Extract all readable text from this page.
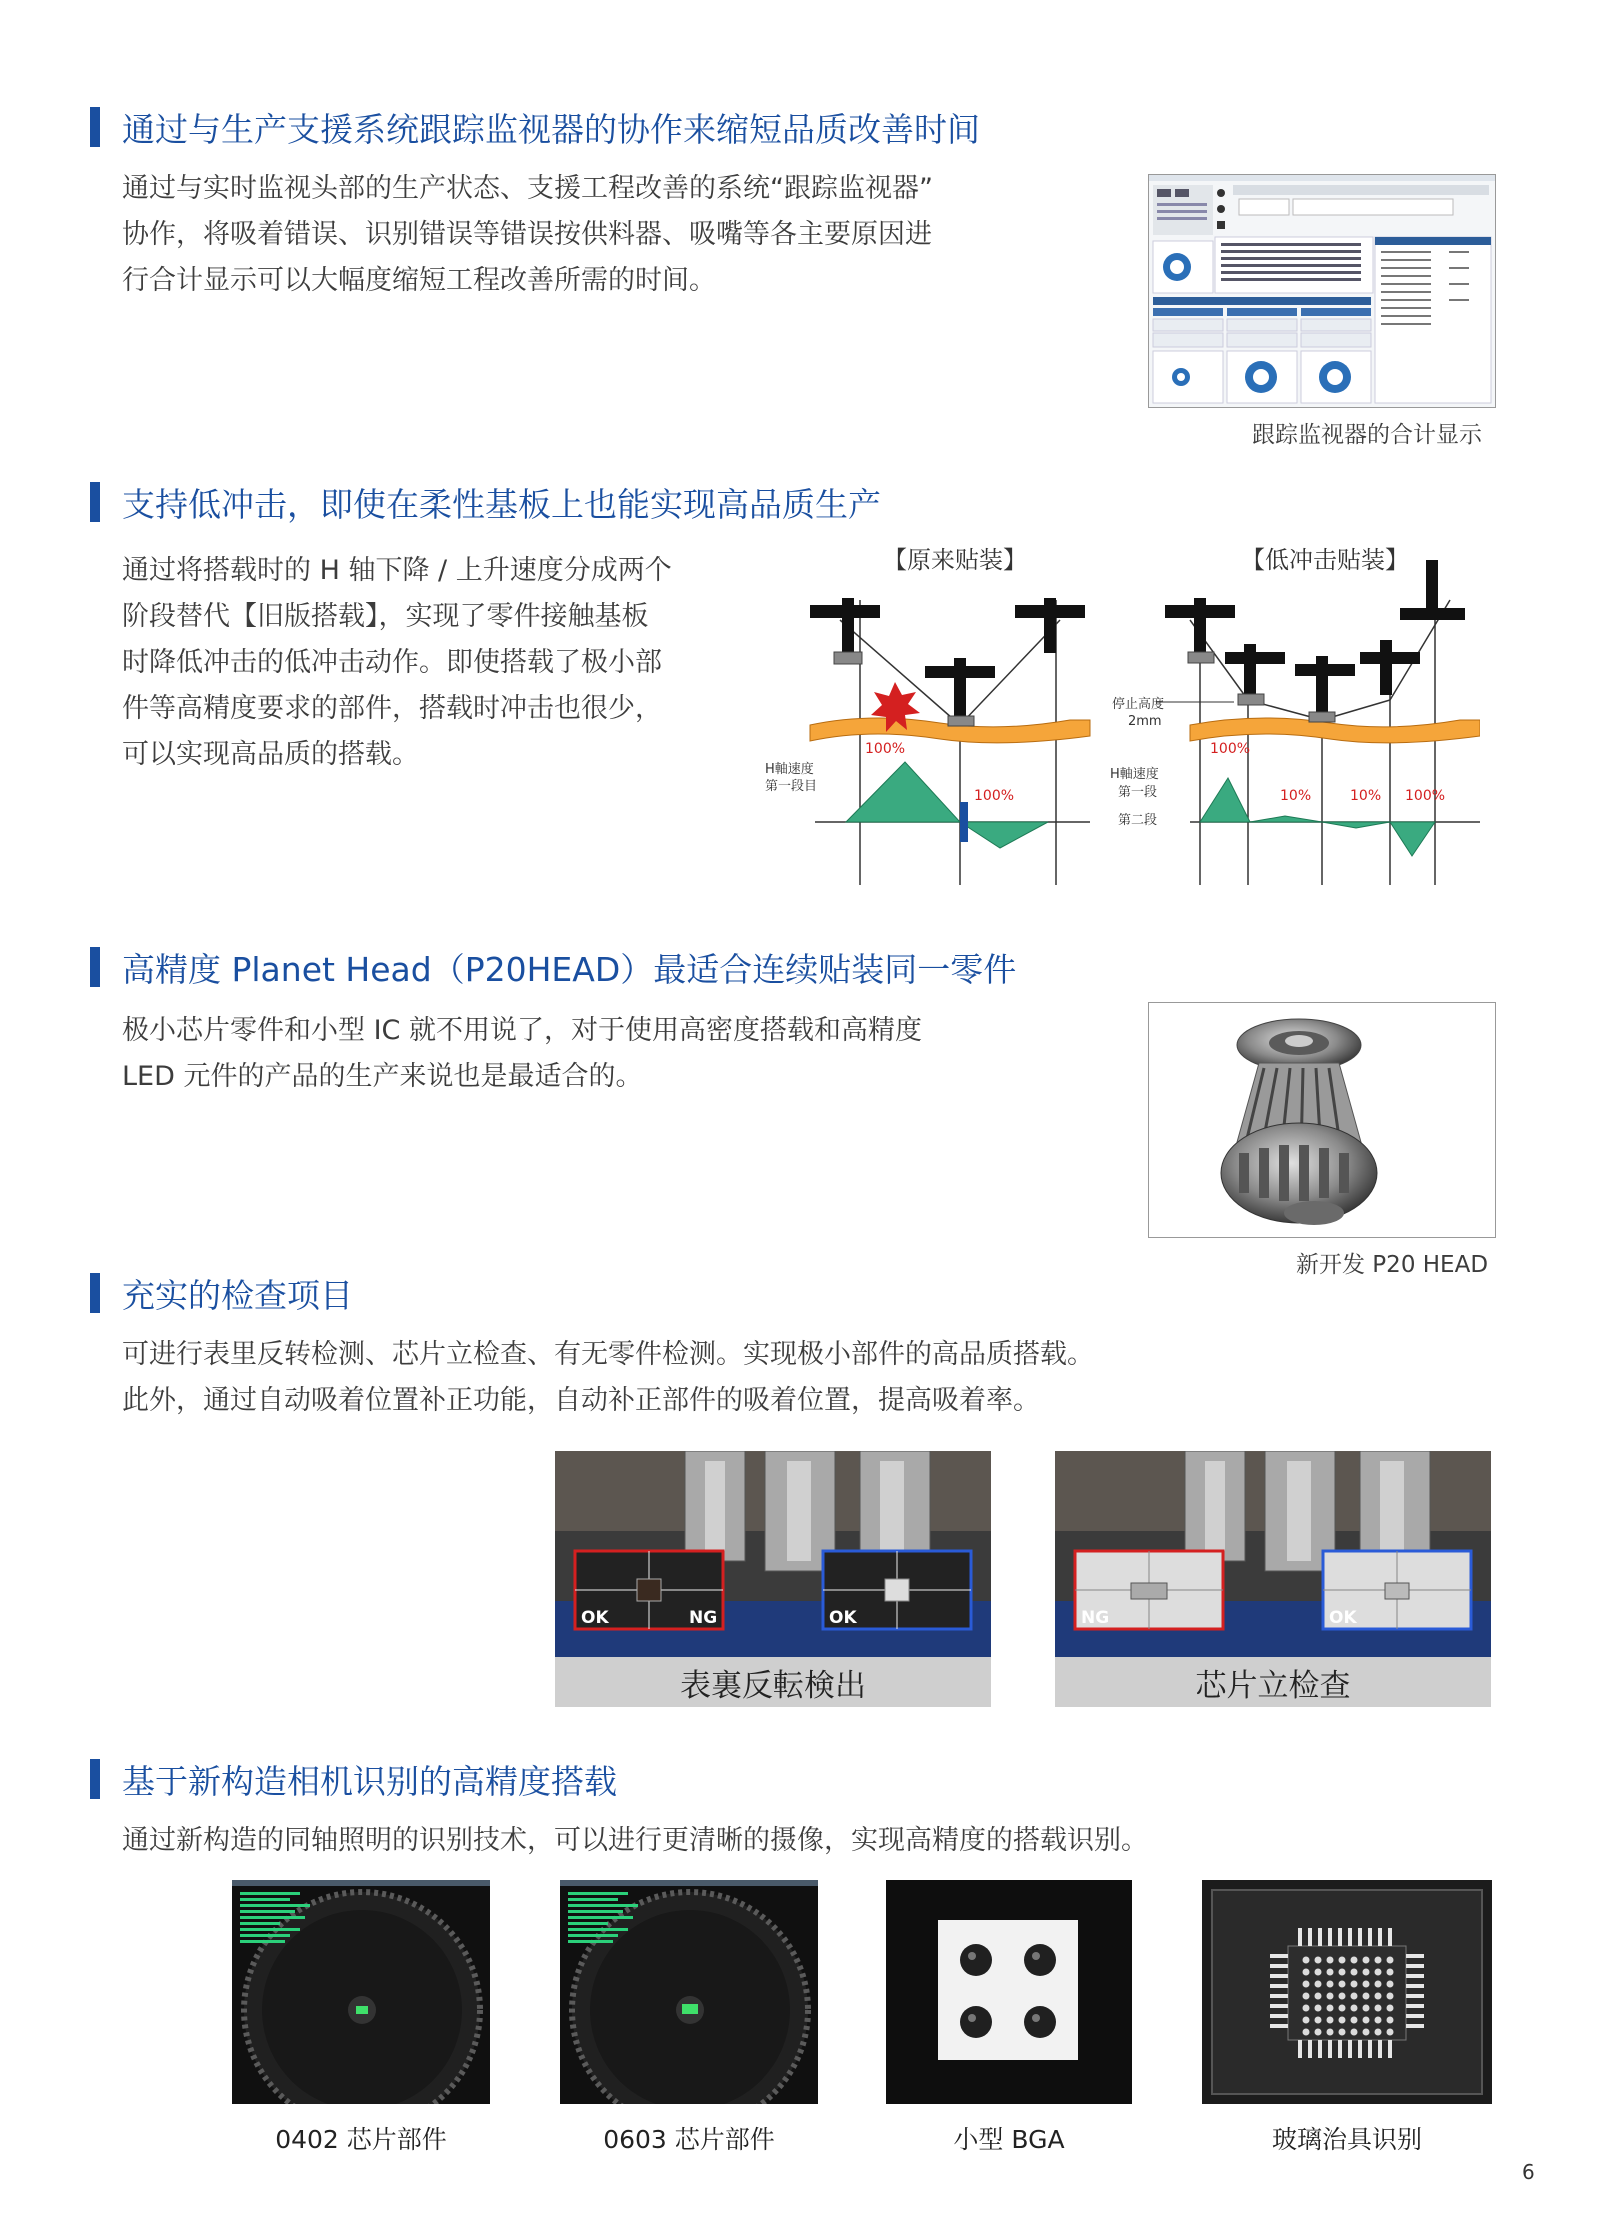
通过与生产支援系统跟踪监视器的协作来缩短品质改善时间
通过与实时监视头部的生产状态、支援工程改善的系统“跟踪监视器”
协作，将吸着错误、识别错误等错误按供料器、吸嘴等各主要原因进
行合计显示可以大幅度缩短工程改善所需的时间。
跟踪监视器的合计显示
支持低冲击，即使在柔性基板上也能实现高品质生产
通过将搭载时的 H 轴下降 / 上升速度分成两个
阶段替代【旧版搭载】，实现了零件接触基板
时降低冲击的低冲击动作。即使搭载了极小部
件等高精度要求的部件，搭载时冲击也很少，
可以实现高品质的搭载。
【原来贴装】	【低冲击贴装】
100%
100%
H軸速度
第一段目
停止高度
2mm
H軸速度
第一段
第二段
100%
10%	10% 100%
高精度 Planet Head（P20HEAD）最适合连续贴装同一零件
极小芯片零件和小型 IC 就不用说了，对于使用高密度搭载和高精度
LED 元件的产品的生产来说也是最适合的。
新开发 P20 HEAD
充实的检查项目
可进行表里反转检测、芯片立检查、有无零件检测。实现极小部件的高品质搭载。
此外，通过自动吸着位置补正功能，自动补正部件的吸着位置，提高吸着率。
OK	NG	OK
表裏反転検出
NG	OK
芯片立检查
基于新构造相机识别的高精度搭载
通过新构造的同轴照明的识别技术，可以进行更清晰的摄像，实现高精度的搭载识别。
0402 芯片部件	0603 芯片部件	小型 BGA	玻璃治具识别
6
